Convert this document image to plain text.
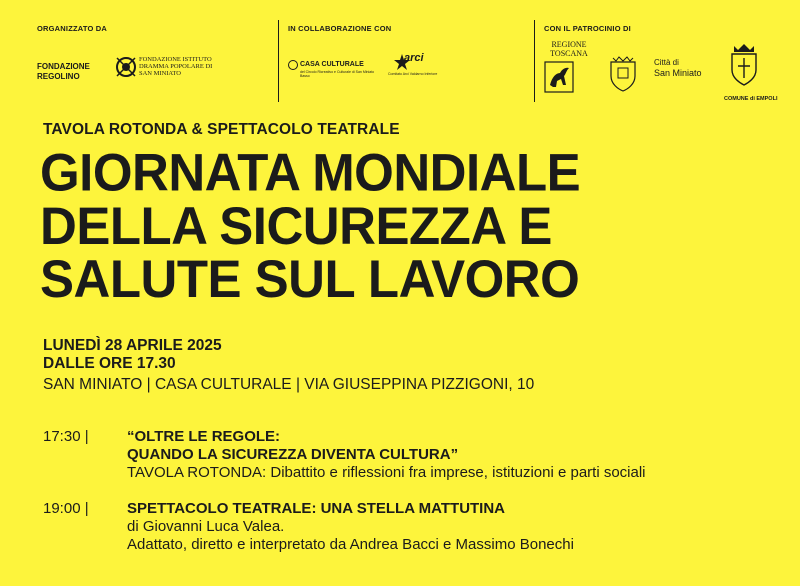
ORGANIZZATO DA
FONDAZIONE REGOLINO
FONDAZIONE ISTITUTO DRAMMA POPOLARE DI SAN MINIATO
IN COLLABORAZIONE CON
CASA CULTURALE
del Circolo Ricreativo e Culturale di San Miniato Basso
arci
Comitato Arci Valdarno Inferiore
CON IL PATROCINIO DI
REGIONE TOSCANA
Città di
San Miniato
COMUNE di EMPOLI
TAVOLA ROTONDA & SPETTACOLO TEATRALE
GIORNATA MONDIALE
DELLA SICUREZZA E
SALUTE SUL LAVORO
LUNEDÌ 28 APRILE 2025
DALLE ORE 17.30
SAN MINIATO | CASA CULTURALE | VIA GIUSEPPINA PIZZIGONI, 10
17:30 |	“OLTRE LE REGOLE:
QUANDO LA SICUREZZA DIVENTA CULTURA”
TAVOLA ROTONDA: Dibattito e riflessioni fra imprese, istituzioni e parti sociali
19:00 |	SPETTACOLO TEATRALE: UNA STELLA MATTUTINA
di Giovanni Luca Valea.
Adattato, diretto e interpretato da Andrea Bacci e Massimo Bonechi
